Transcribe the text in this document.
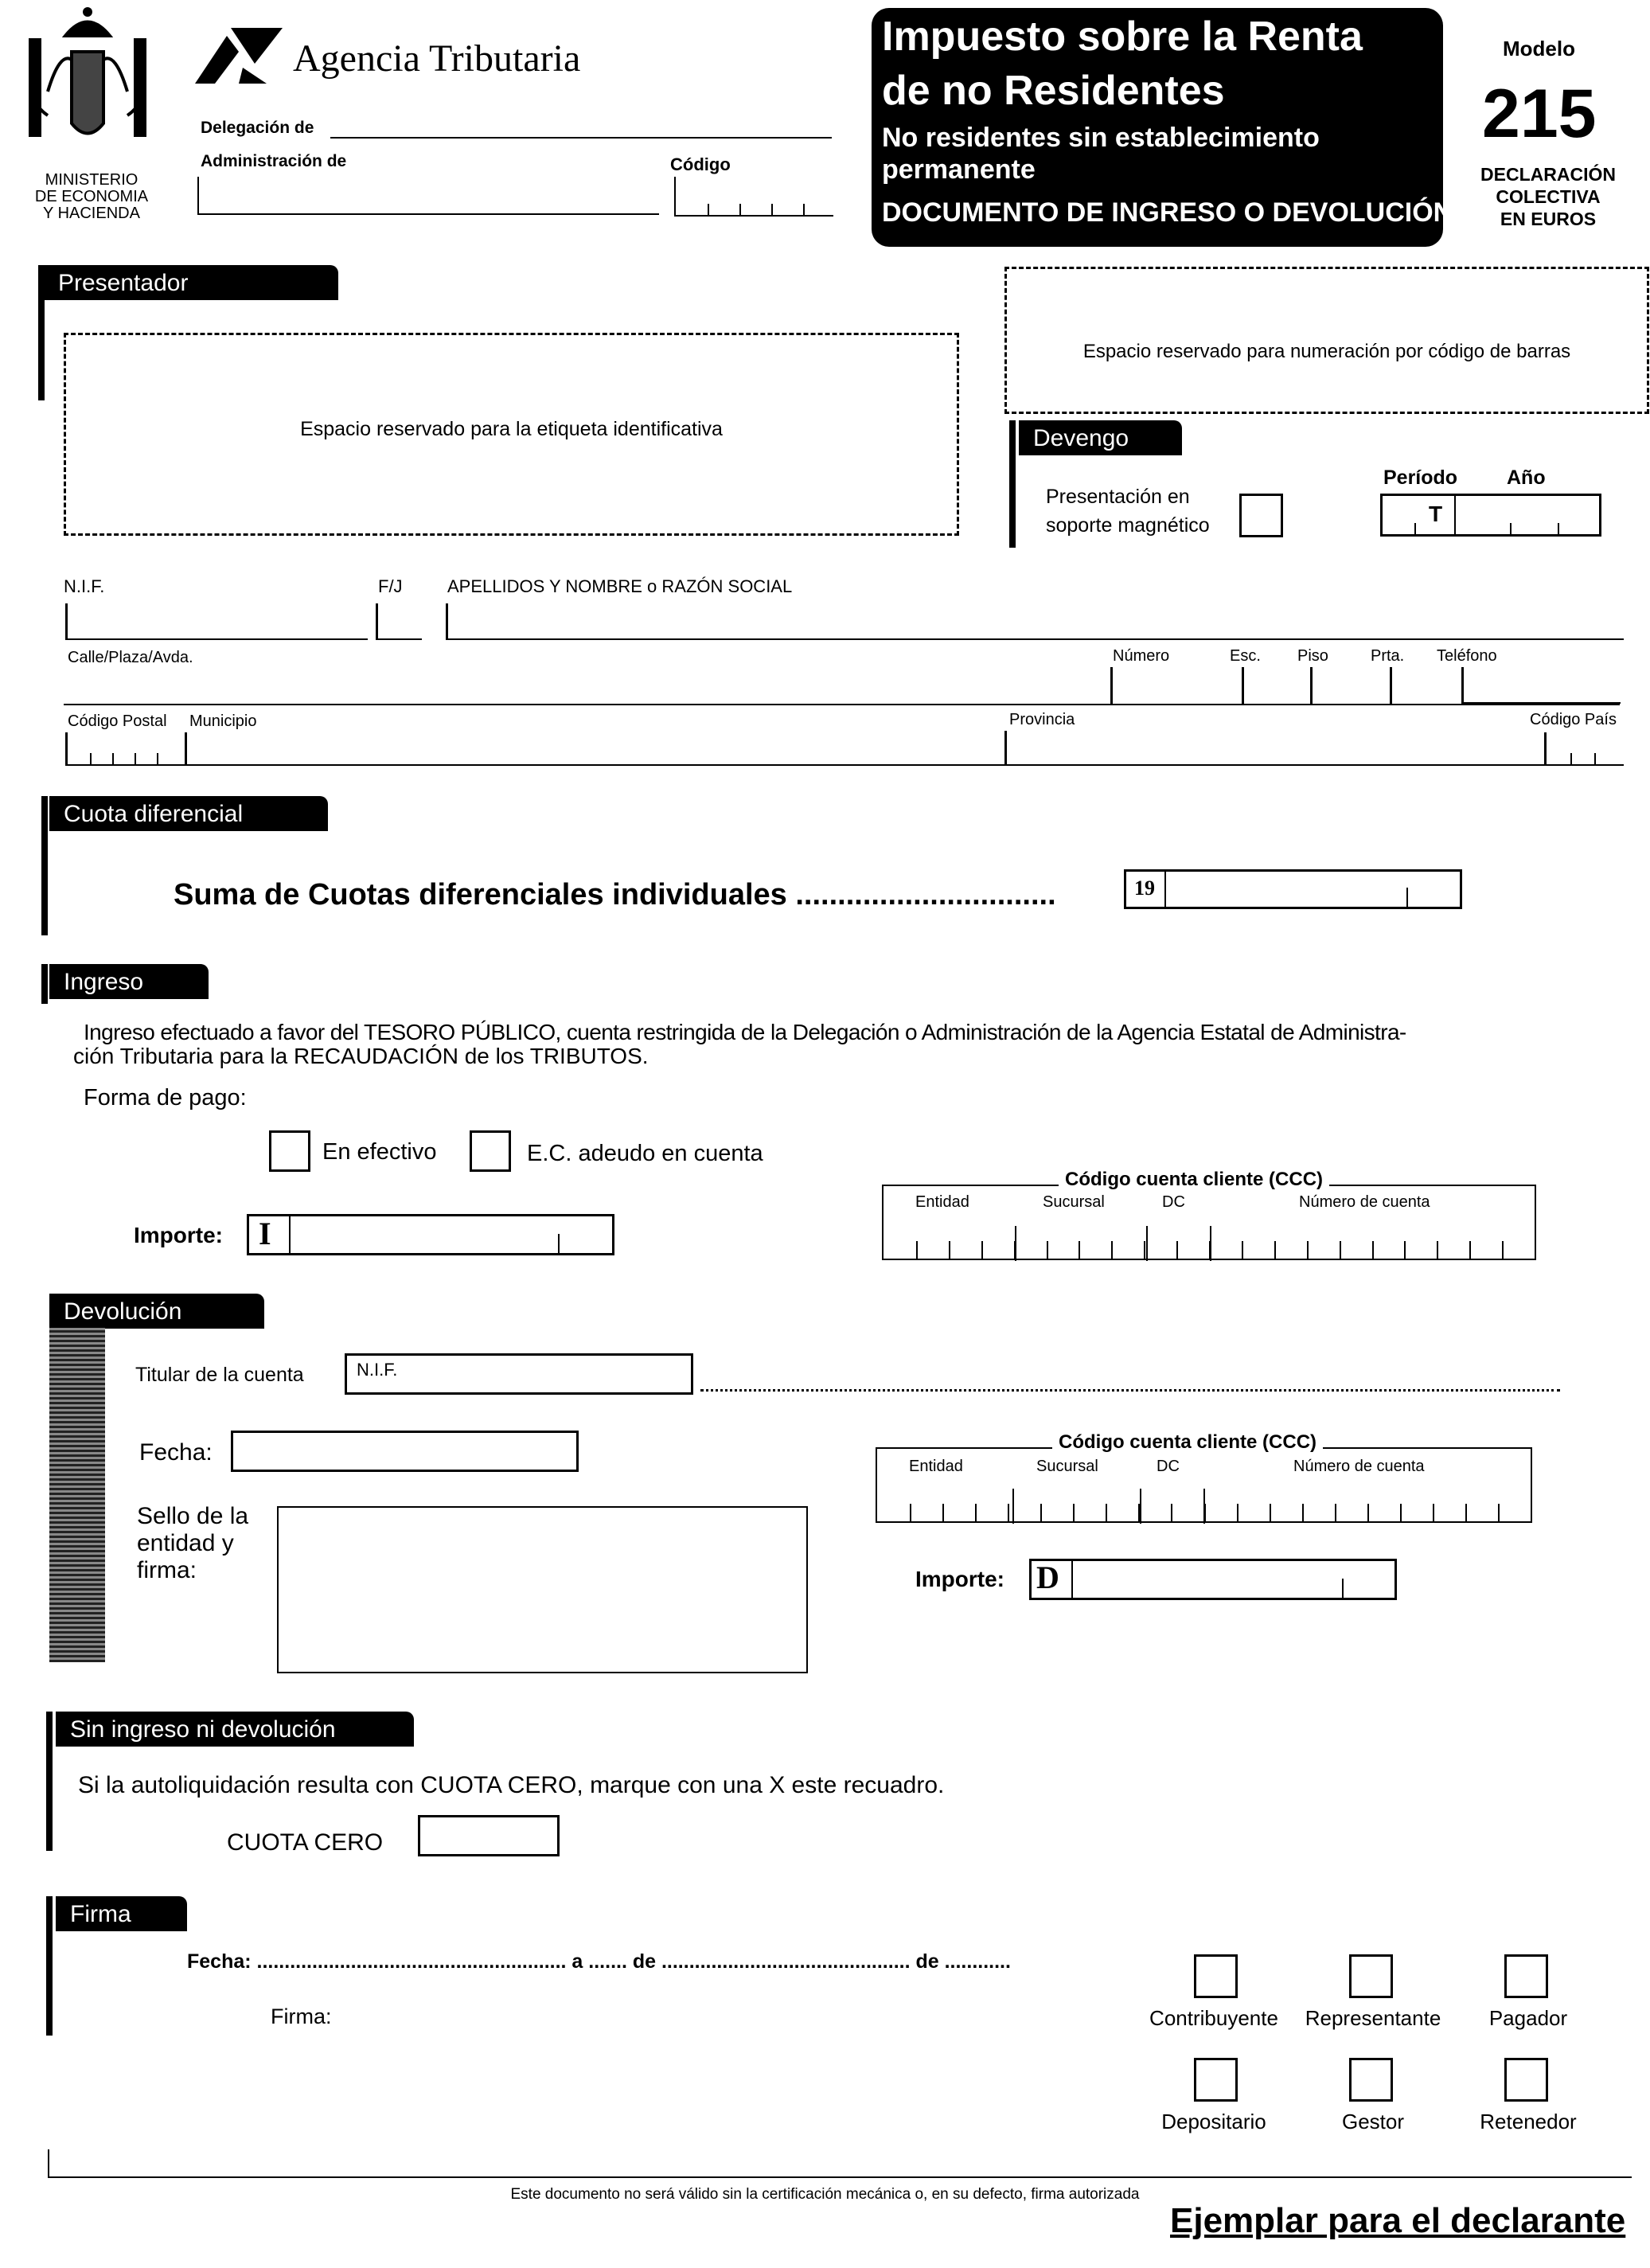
MINISTERIO
DE ECONOMIA
Y HACIENDA
Agencia Tributaria
Delegación de
Administración de	Código
Impuesto sobre la Renta
de no Residentes
No residentes sin establecimiento
permanente
DOCUMENTO DE INGRESO O DEVOLUCIÓN
Modelo
215
DECLARACIÓN
COLECTIVA
EN EUROS
Presentador
Espacio reservado para la etiqueta identificativa
Espacio reservado para numeración por código de barras
Devengo
Presentación en
soporte magnético
Período Año
T
N.I.F.	F/J	APELLIDOS Y NOMBRE o RAZÓN SOCIAL
Calle/Plaza/Avda.	Número	Esc. Piso	Prta. Teléfono
Código Postal Municipio	Provincia	Código País
Cuota diferencial
Suma de Cuotas diferenciales individuales ...............................	19
Ingreso
Ingreso efectuado a favor del TESORO PÚBLICO, cuenta restringida de la Delegación o Administración de la Agencia Estatal de Administra-
ción Tributaria para la RECAUDACIÓN de los TRIBUTOS.
Forma de pago:
En efectivo	E.C. adeudo en cuenta
Importe: I
Código cuenta cliente (CCC)
Entidad	Sucursal	DC	Número de cuenta
Devolución
Titular de la cuenta	N.I.F.
Fecha:
Sello de la
entidad y
firma:
Código cuenta cliente (CCC)
Entidad	Sucursal	DC	Número de cuenta
Importe: D
Sin ingreso ni devolución
Si la autoliquidación resulta con CUOTA CERO, marque con una X este recuadro.
CUOTA CERO
Firma
Fecha: ........................................................ a ....... de ............................................. de ............
Firma:	Contribuyente	Representante	Pagador
Depositario	Gestor	Retenedor
Este documento no será válido sin la certificación mecánica o, en su defecto, firma autorizada
Ejemplar para el declarante
